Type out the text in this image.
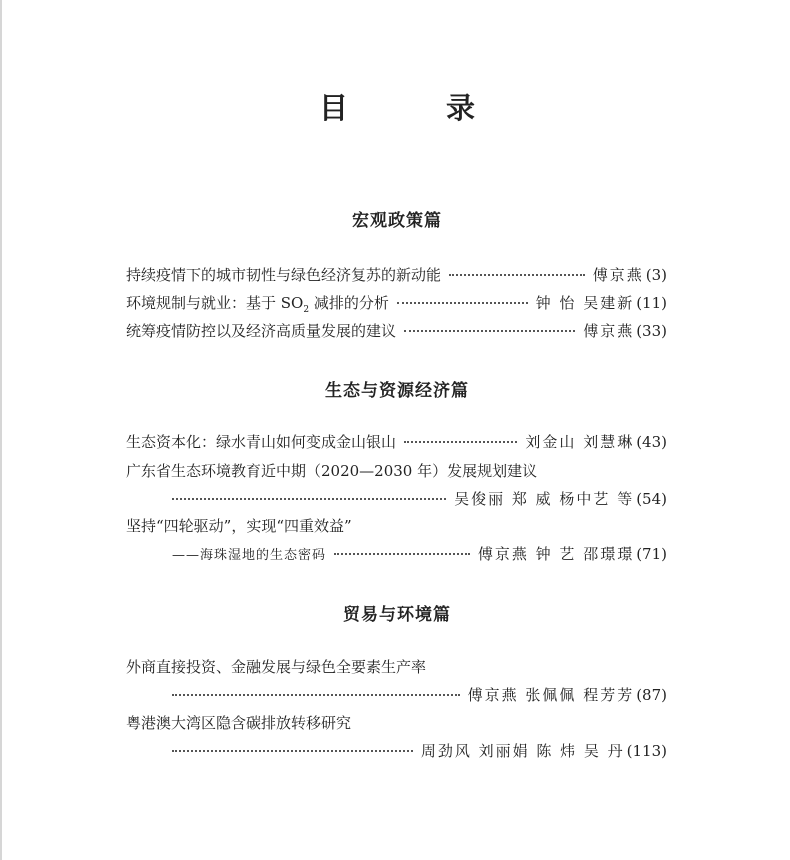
目 录
宏观政策篇
持续疫情下的城市韧性与绿色经济复苏的新动能	傅京燕 (3)
环境规制与就业：基于 $SO_2$ 减排的分析	钟 怡 吴建新 (11)
统筹疫情防控以及经济高质量发展的建议	傅京燕 (33)
生态与资源经济篇
生态资本化：绿水青山如何变成金山银山	刘金山 刘慧琳 (43)
广东省生态环境教育近中期（2020—2030 年）发展规划建议
吴俊丽 郑 威 杨中艺 等 (54)
坚持“四轮驱动”，实现“四重效益”
——海珠湿地的生态密码	傅京燕 钟 艺 邵璟璟 (71)
贸易与环境篇
外商直接投资、金融发展与绿色全要素生产率
傅京燕 张佩佩 程芳芳 (87)
粤港澳大湾区隐含碳排放转移研究
周劲风 刘丽娟 陈 炜 吴 丹 (113)
